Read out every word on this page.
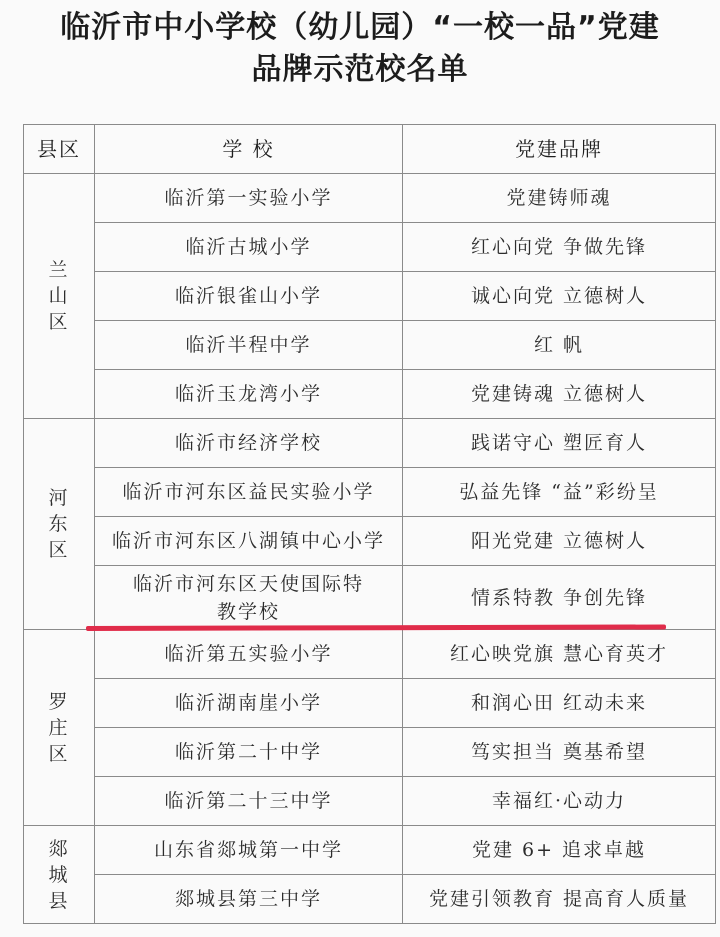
临沂市中小学校（幼儿园）“一校一品”党建
品牌示范校名单
县区	学 校	党建品牌
兰山区	临沂第一实验小学	党建铸师魂
	临沂古城小学	红心向党 争做先锋
	临沂银雀山小学	诚心向党 立德树人
	临沂半程中学	红 帆
	临沂玉龙湾小学	党建铸魂 立德树人
河东区	临沂市经济学校	践诺守心 塑匠育人
	临沂市河东区益民实验小学	弘益先锋 “益”彩纷呈
	临沂市河东区八湖镇中心小学	阳光党建 立德树人

	临沂市河东区天使国际特教学校	情系特教 争创先锋
罗庄区	临沂第五实验小学	红心映党旗 慧心育英才
	临沂湖南崖小学	和润心田 红动未来
	临沂第二十中学	笃实担当 奠基希望
	临沂第二十三中学	幸福红·心动力
郯城县	山东省郯城第一中学	党建 6+ 追求卓越
	郯城县第三中学	党建引领教育 提高育人质量
